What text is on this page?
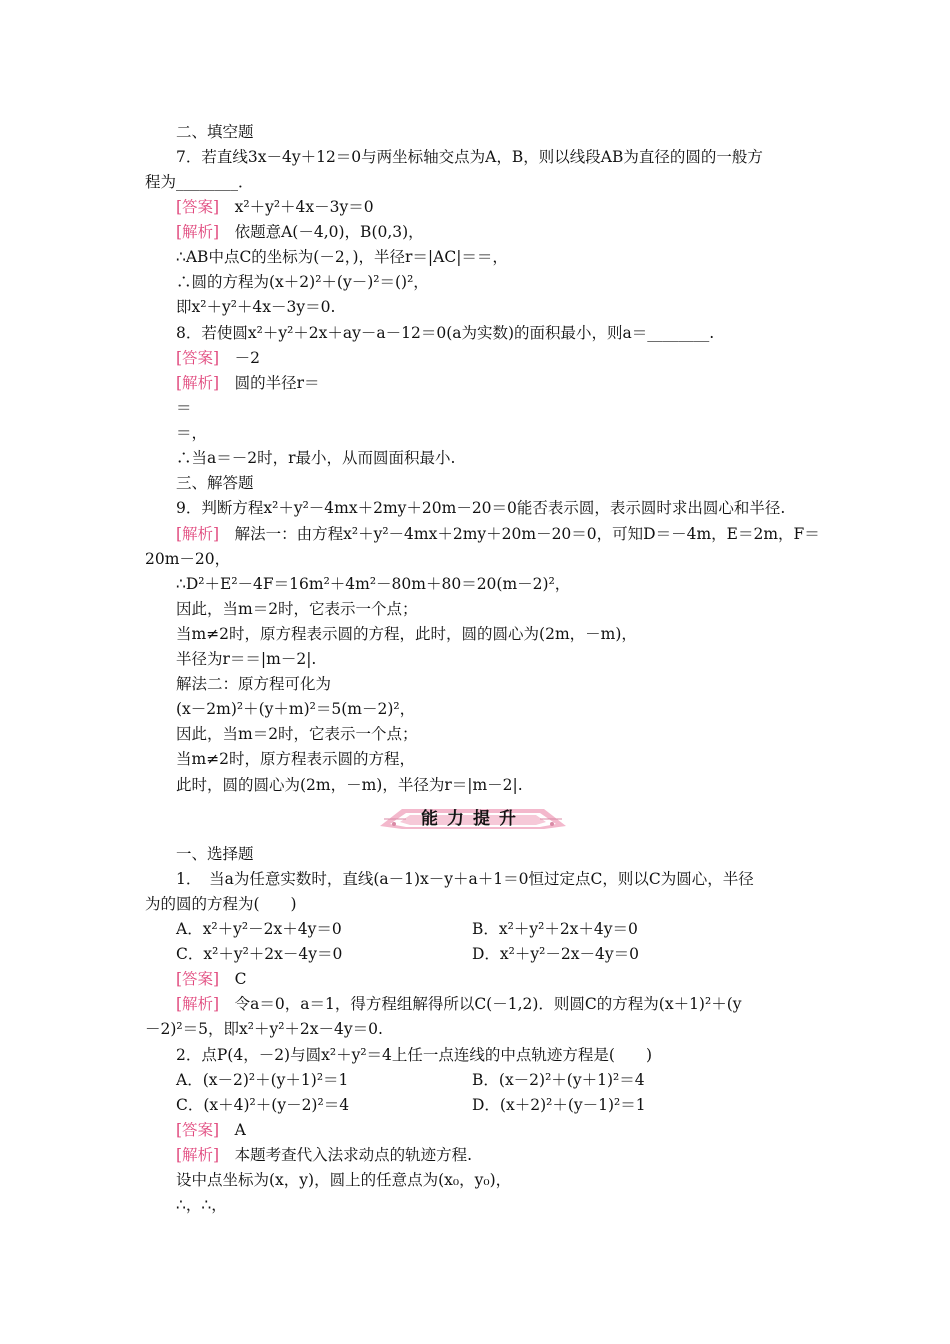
二、填空题
7．若直线3x－4y＋12＝0与两坐标轴交点为A，B，则以线段AB为直径的圆的一般方
程为________．
[答案]　x²＋y²＋4x－3y＝0
[解析]　依题意A(－4,0)，B(0,3)，
∴AB中点C的坐标为(－2，)，半径r＝|AC|＝＝，
∴圆的方程为(x＋2)²＋(y－)²＝()²，
即x²＋y²＋4x－3y＝0.
8．若使圆x²＋y²＋2x＋ay－a－12＝0(a为实数)的面积最小，则a＝________.
[答案]　－2
[解析]　圆的半径r＝
＝
＝，
∴当a＝－2时，r最小，从而圆面积最小.
三、解答题
9．判断方程x²＋y²－4mx＋2my＋20m－20＝0能否表示圆，表示圆时求出圆心和半径.
[解析]　解法一：由方程x²＋y²－4mx＋2my＋20m－20＝0，可知D＝－4m，E＝2m，F＝
20m－20，
∴D²＋E²－4F＝16m²＋4m²－80m＋80＝20(m－2)²，
因此，当m＝2时，它表示一个点；
当m≠2时，原方程表示圆的方程，此时，圆的圆心为(2m，－m)，
半径为r＝＝|m－2|.
解法二：原方程可化为
(x－2m)²＋(y＋m)²＝5(m－2)²，
因此，当m＝2时，它表示一个点；
当m≠2时，原方程表示圆的方程，
此时，圆的圆心为(2m，－m)，半径为r＝|m－2|.
能力提升
一、选择题
1．　当a为任意实数时，直线(a－1)x－y＋a＋1＝0恒过定点C，则以C为圆心，半径
为的圆的方程为(　　)
A．x²＋y²－2x＋4y＝0	B．x²＋y²＋2x＋4y＝0
C．x²＋y²＋2x－4y＝0	D．x²＋y²－2x－4y＝0
[答案]　C
[解析]　令a＝0，a＝1，得方程组解得所以C(－1,2)．则圆C的方程为(x＋1)²＋(y
－2)²＝5，即x²＋y²＋2x－4y＝0.
2．点P(4，－2)与圆x²＋y²＝4上任一点连线的中点轨迹方程是(　　)
A．(x－2)²＋(y＋1)²＝1	B．(x－2)²＋(y＋1)²＝4
C．(x＋4)²＋(y－2)²＝4	D．(x＋2)²＋(y－1)²＝1
[答案]　A
[解析]　本题考查代入法求动点的轨迹方程.
设中点坐标为(x，y)，圆上的任意点为(x₀，y₀)，
∴，∴，
